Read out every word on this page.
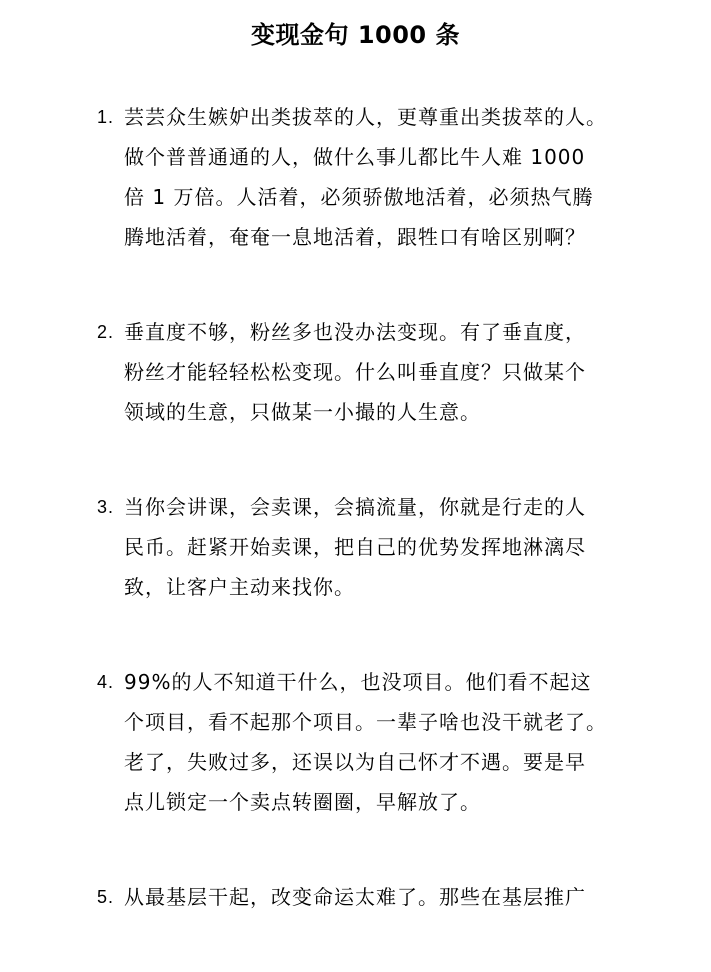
变现金句 1000 条
1. 芸芸众生嫉妒出类拔萃的人，更尊重出类拔萃的人。
做个普普通通的人，做什么事儿都比牛人难 1000
倍 1 万倍。人活着，必须骄傲地活着，必须热气腾
腾地活着，奄奄一息地活着，跟牲口有啥区别啊？
2. 垂直度不够，粉丝多也没办法变现。有了垂直度，
粉丝才能轻轻松松变现。什么叫垂直度？只做某个
领域的生意，只做某一小撮的人生意。
3. 当你会讲课，会卖课，会搞流量，你就是行走的人
民币。赶紧开始卖课，把自己的优势发挥地淋漓尽
致，让客户主动来找你。
4. 99%的人不知道干什么，也没项目。他们看不起这
个项目，看不起那个项目。一辈子啥也没干就老了。
老了，失败过多，还误以为自己怀才不遇。要是早
点儿锁定一个卖点转圈圈，早解放了。
5. 从最基层干起，改变命运太难了。那些在基层推广
